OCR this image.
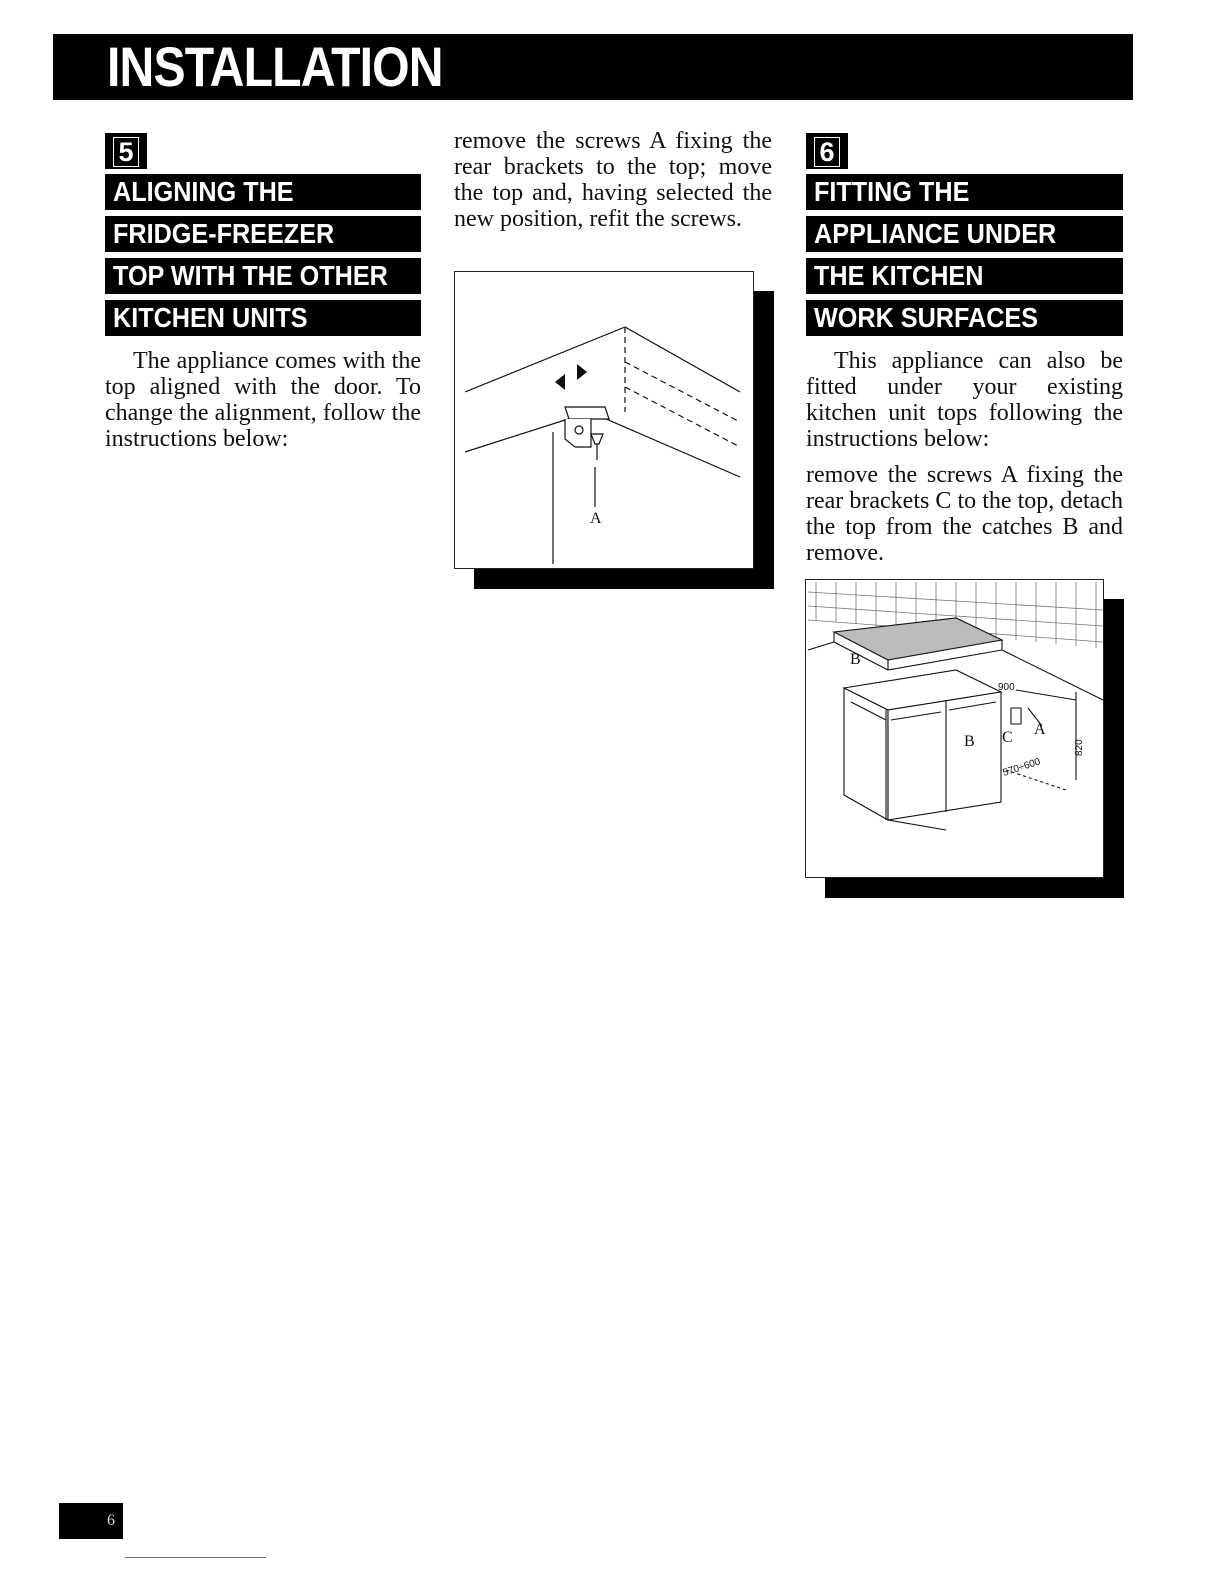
INSTALLATION
5
ALIGNING THE
FRIDGE-FREEZER
TOP WITH THE OTHER
KITCHEN UNITS

The appliance comes with the top aligned with the door. To change the alignment, follow the instructions below:

remove the screws A fixing the rear brackets to the top; move the top and, having selected the new position, refit the screws.

A
6
FITTING THE
APPLIANCE UNDER
THE KITCHEN
WORK SURFACES

This appliance can also be fitted under your existing kitchen unit tops following the instructions below:

remove the screws A fixing the rear brackets C to the top, detach the top from the catches B and remove.

B
B C A
900
820
570÷600
6
